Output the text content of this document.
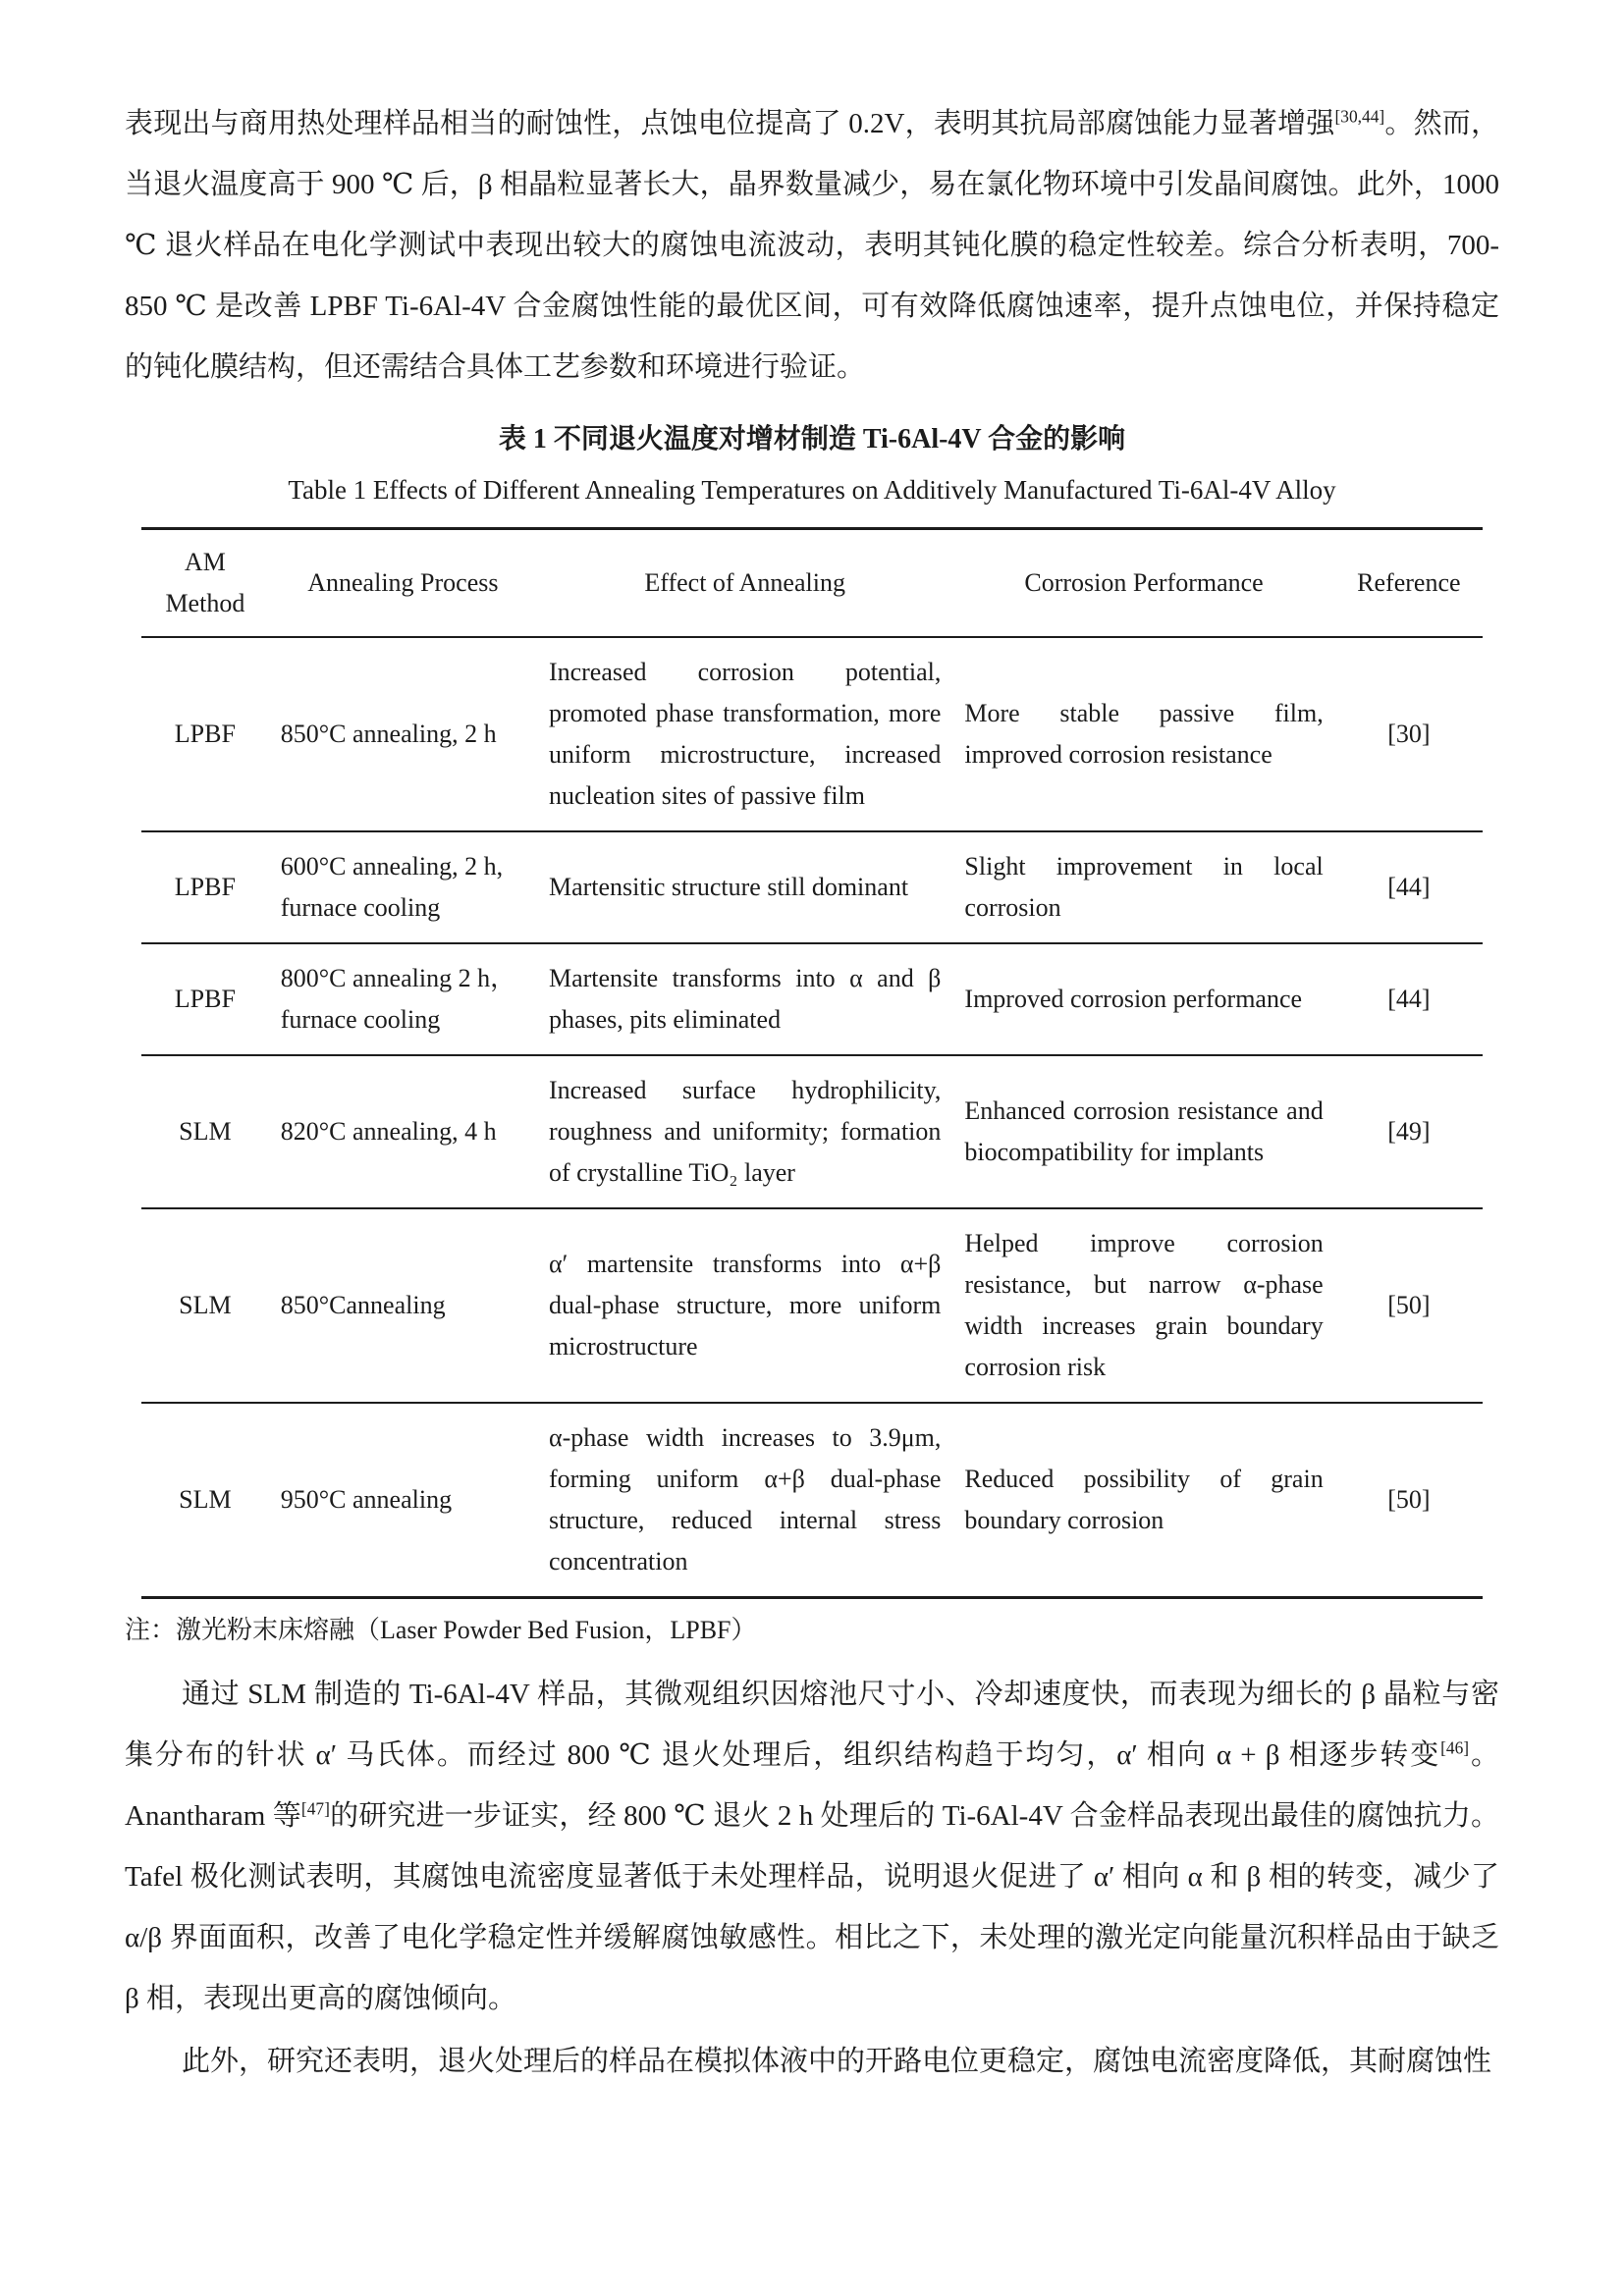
表现出与商用热处理样品相当的耐蚀性，点蚀电位提高了 0.2V，表明其抗局部腐蚀能力显著增强[30,44]。然而，当退火温度高于 900 ℃ 后，β 相晶粒显著长大，晶界数量减少，易在氯化物环境中引发晶间腐蚀。此外，1000 ℃ 退火样品在电化学测试中表现出较大的腐蚀电流波动，表明其钝化膜的稳定性较差。综合分析表明，700-850 ℃ 是改善 LPBF Ti-6Al-4V 合金腐蚀性能的最优区间，可有效降低腐蚀速率，提升点蚀电位，并保持稳定的钝化膜结构，但还需结合具体工艺参数和环境进行验证。

表 1 不同退火温度对增材制造 Ti-6Al-4V 合金的影响
Table 1 Effects of Different Annealing Temperatures on Additively Manufactured Ti-6Al-4V Alloy
AM Method	Annealing Process	Effect of Annealing	Corrosion Performance	Reference
LPBF	850°C annealing, 2 h	Increased corrosion potential, promoted phase transformation, more uniform microstructure, increased nucleation sites of passive film	More stable passive film, improved corrosion resistance	[30]
LPBF	600°C annealing, 2 h, furnace cooling	Martensitic structure still dominant	Slight improvement in local corrosion	[44]
LPBF	800°C annealing 2 h，furnace cooling	Martensite transforms into α and β phases, pits eliminated	Improved corrosion performance	[44]
SLM	820°C annealing, 4 h	Increased surface hydrophilicity, roughness and uniformity; formation of crystalline TiO₂ layer	Enhanced corrosion resistance and biocompatibility for implants	[49]
SLM	850°Cannealing	α′ martensite transforms into α+β dual-phase structure, more uniform microstructure	Helped improve corrosion resistance, but narrow α-phase width increases grain boundary corrosion risk	[50]
SLM	950°C annealing	α-phase width increases to 3.9μm, forming uniform α+β dual-phase structure, reduced internal stress concentration	Reduced possibility of grain boundary corrosion	[50]
注：激光粉末床熔融（Laser Powder Bed Fusion，LPBF）

通过 SLM 制造的 Ti-6Al-4V 样品，其微观组织因熔池尺寸小、冷却速度快，而表现为细长的 β 晶粒与密集分布的针状 α′ 马氏体。而经过 800 ℃ 退火处理后，组织结构趋于均匀，α′ 相向 α + β 相逐步转变[46]。Anantharam 等[47]的研究进一步证实，经 800 ℃ 退火 2 h 处理后的 Ti-6Al-4V 合金样品表现出最佳的腐蚀抗力。Tafel 极化测试表明，其腐蚀电流密度显著低于未处理样品，说明退火促进了 α′ 相向 α 和 β 相的转变，减少了 α/β 界面面积，改善了电化学稳定性并缓解腐蚀敏感性。相比之下，未处理的激光定向能量沉积样品由于缺乏 β 相，表现出更高的腐蚀倾向。

此外，研究还表明，退火处理后的样品在模拟体液中的开路电位更稳定，腐蚀电流密度降低，其耐腐蚀性
